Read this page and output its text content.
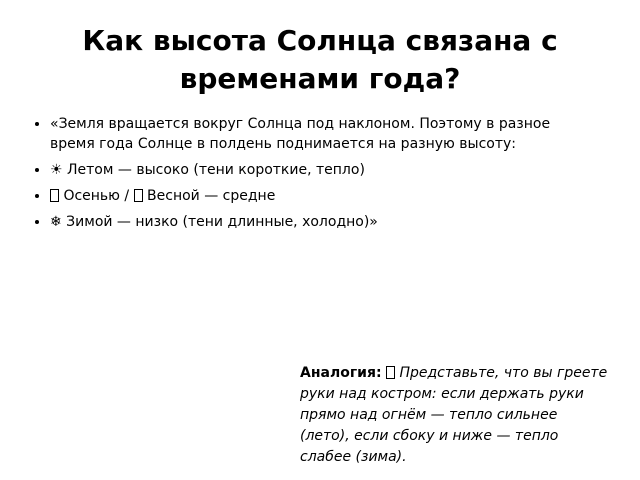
Как высота Солнца связана с временами года?
• «Земля вращается вокруг Солнца под наклоном. Поэтому в разное время года Солнце в полдень поднимается на разную высоту:
• ☀ Летом — высоко (тени короткие, тепло)
• Осенью /  Весной — средне
• ❄ Зимой — низко (тени длинные, холодно)»

Аналогия: Представьте, что вы греете руки над костром: если держать руки прямо над огнём — тепло сильнее (лето), если сбоку и ниже — тепло слабее (зима).
